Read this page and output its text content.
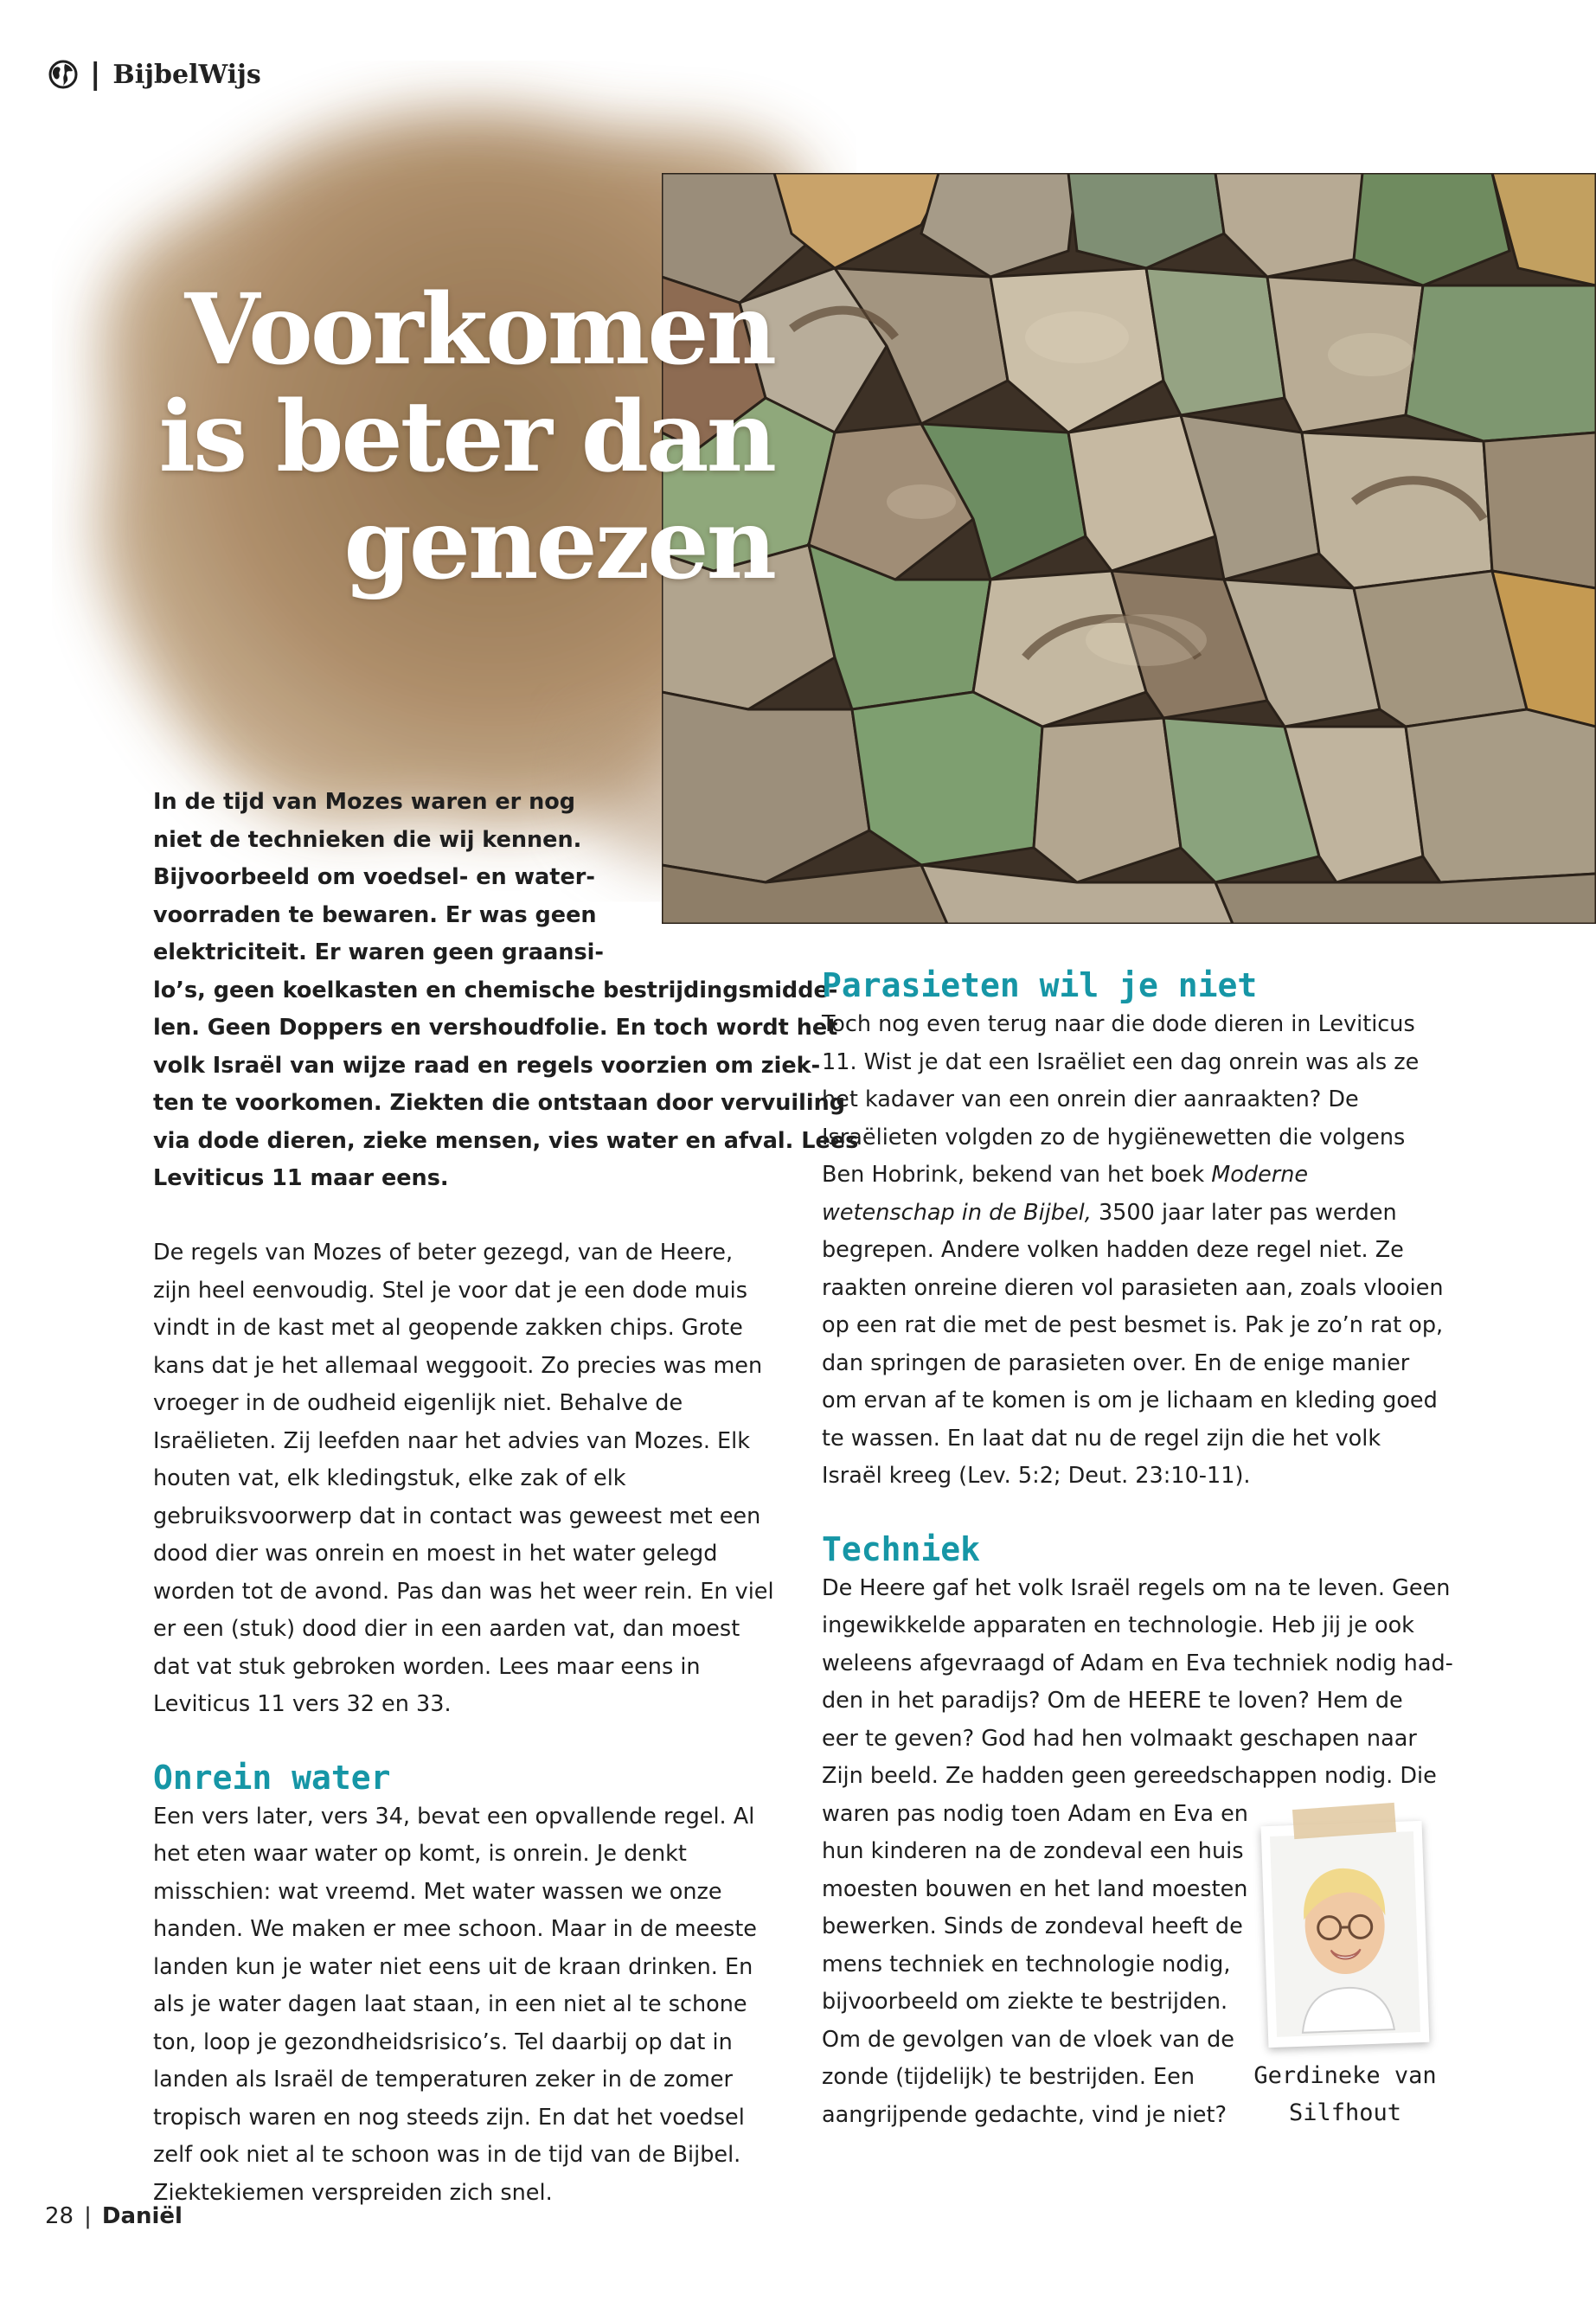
| BijbelWijs
Voorkomen
is beter dan
genezen
In de tijd van Mozes waren er nog
niet de technieken die wij kennen.
Bijvoorbeeld om voedsel- en water-
voorraden te bewaren. Er was geen
elektriciteit. Er waren geen graansi-
lo’s, geen koelkasten en chemische bestrijdingsmidde-
len. Geen Doppers en vershoudfolie. En toch wordt het
volk Israël van wijze raad en regels voorzien om ziek-
ten te voorkomen. Ziekten die ontstaan door vervuiling
via dode dieren, zieke mensen, vies water en afval. Lees
Leviticus 11 maar eens.

De regels van Mozes of beter gezegd, van de Heere, zijn heel eenvoudig. Stel je voor dat je een dode muis vindt in de kast met al geopende zakken chips. Grote kans dat je het allemaal weggooit. Zo precies was men vroeger in de oudheid eigenlijk niet. Behalve de Israëlieten. Zij leefden naar het advies van Mozes. Elk houten vat, elk kledingstuk, elke zak of elk gebruiksvoorwerp dat in contact was geweest met een dood dier was onrein en moest in het water gelegd worden tot de avond. Pas dan was het weer rein. En viel er een (stuk) dood dier in een aarden vat, dan moest dat vat stuk gebroken worden. Lees maar eens in Leviticus 11 vers 32 en 33.

Onrein water

Een vers later, vers 34, bevat een opvallende regel. Al het eten waar water op komt, is onrein. Je denkt misschien: wat vreemd. Met water wassen we onze handen. We maken er mee schoon. Maar in de meeste landen kun je water niet eens uit de kraan drinken. En als je water dagen laat staan, in een niet al te schone ton, loop je gezondheidsrisico’s. Tel daarbij op dat in landen als Israël de temperaturen zeker in de zomer tropisch waren en nog steeds zijn. En dat het voedsel zelf ook niet al te schoon was in de tijd van de Bijbel. Ziektekiemen verspreiden zich snel.

Parasieten wil je niet

Toch nog even terug naar die dode dieren in Leviticus 11. Wist je dat een Israëliet een dag onrein was als ze het kadaver van een onrein dier aanraakten? De Israëlieten volgden zo de hygiënewetten die volgens Ben Hobrink, bekend van het boek Moderne wetenschap in de Bijbel, 3500 jaar later pas werden begrepen. Andere volken hadden deze regel niet. Ze raakten onreine dieren vol parasieten aan, zoals vlooien op een rat die met de pest besmet is. Pak je zo’n rat op, dan springen de parasieten over. En de enige manier om ervan af te komen is om je lichaam en kleding goed te wassen. En laat dat nu de regel zijn die het volk Israël kreeg (Lev. 5:2; Deut. 23:10-11).

Techniek

De Heere gaf het volk Israël regels om na te leven. Geen
ingewikkelde apparaten en technologie. Heb jij je ook
weleens afgevraagd of Adam en Eva techniek nodig had-
den in het paradijs? Om de HEERE te loven? Hem de
eer te geven? God had hen volmaakt geschapen naar
Zijn beeld. Ze hadden geen gereedschappen nodig. Die
waren pas nodig toen Adam en Eva en
hun kinderen na de zondeval een huis
moesten bouwen en het land moesten
bewerken. Sinds de zondeval heeft de
mens techniek en technologie nodig,
bijvoorbeeld om ziekte te bestrijden.
Om de gevolgen van de vloek van de
zonde (tijdelijk) te bestrijden. Een
aangrijpende gedachte, vind je niet?

Gerdineke van
Silfhout
28 | Daniël
